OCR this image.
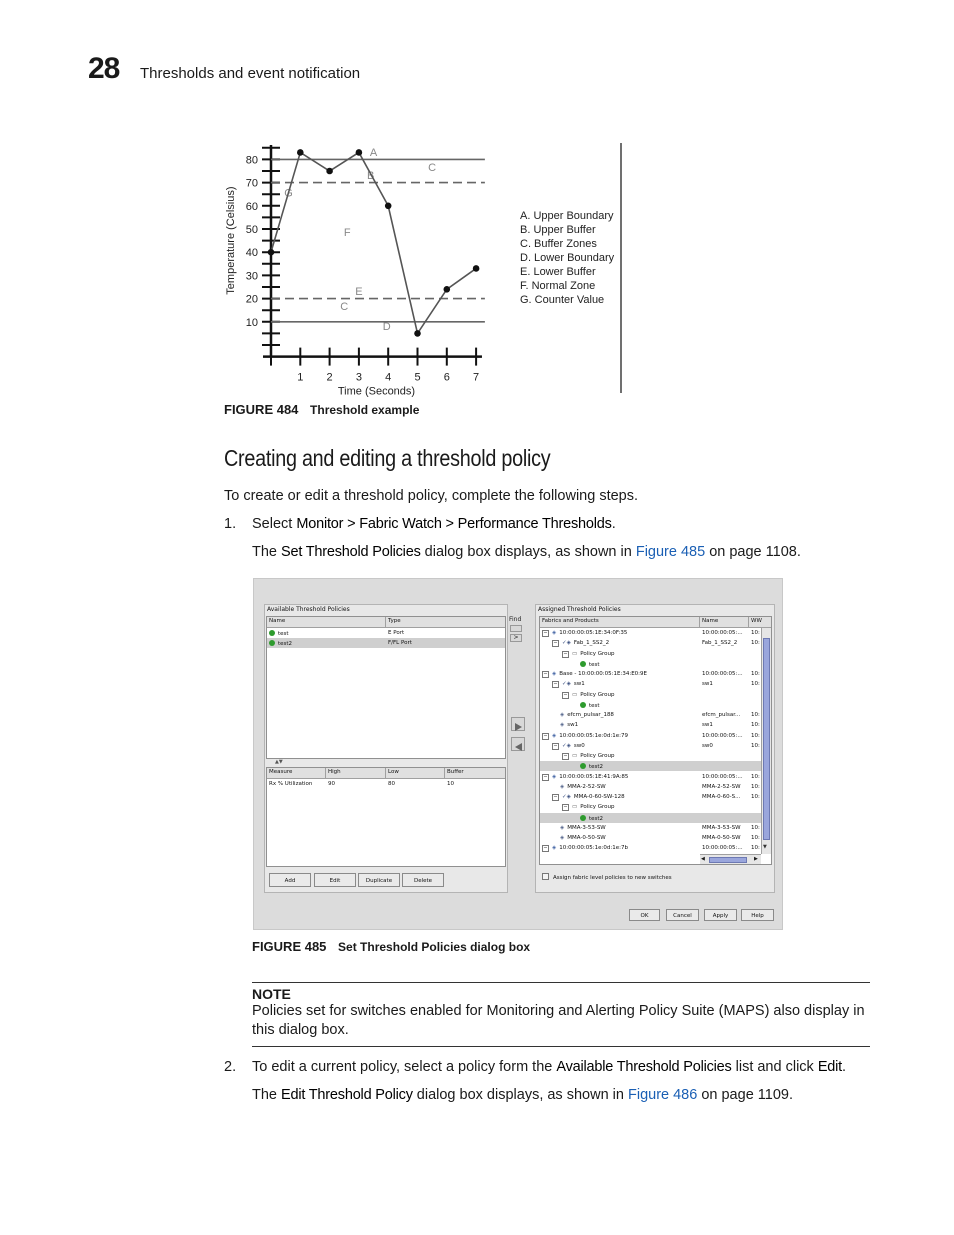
28 Thresholds and event notification
10
20
30
40
50
60
70
80
1 2 3 4 5 6 7
Time (Seconds)
Temperature (Celsius)
A
B
E
D
C
G
F
C
A. Upper Boundary
B. Upper Buffer
C. Buffer Zones
D. Lower Boundary
E. Lower Buffer
F. Normal Zone
G. Counter Value
FIGURE 484 Threshold example
Creating and editing a threshold policy
To create or edit a threshold policy, complete the following steps.
1. Select Monitor > Fabric Watch > Performance Thresholds.
The Set Threshold Policies dialog box displays, as shown in Figure 485 on page 1108.
Available Threshold Policies
Name	Type
test	E Port
test2	F/FL Port
▲▼
Measure	High	Low	Buffer
Rx % Utilization	90	80	10
Add	Edit	Duplicate	Delete
Find
>
Assigned Threshold Policies
Fabrics and Products	Name	WW
− ◈ 10:00:00:05:1E:34:0F:35	10:00:00:05:... 10:
− ✓◈ Fab_1_SS2_2	Fab_1_SS2_2 10:
− ▭ Policy Group
test
− ◈ Base - 10:00:00:05:1E:34:E0:9E	10:00:00:05:... 10:
− ✓◈ sw1	sw1	10:
− ▭ Policy Group
test
◈ efcm_pulsar_188	efcm_pulsar... 10:
◈ sw1	sw1	10:
− ◈ 10:00:00:05:1e:0d:1e:79	10:00:00:05:... 10:
− ✓◈ sw0	sw0	10:
− ▭ Policy Group
test2
− ◈ 10:00:00:05:1E:41:9A:85	10:00:00:05:... 10:
◈ MMA-2-52-SW	MMA-2-52-SW 10:
− ✓◈ MMA-0-60-SW-128	MMA-0-60-S... 10:
− ▭ Policy Group
test2
◈ MMA-3-53-SW	MMA-3-53-SW 10:
◈ MMA-0-50-SW	MMA-0-50-SW 10:
− ◈ 10:00:00:05:1e:0d:1e:7b	10:00:00:05:... 10: ▼
◀	▶
Assign fabric level policies to new switches
OK	Cancel	Apply	Help
FIGURE 485 Set Threshold Policies dialog box
NOTE
Policies set for switches enabled for Monitoring and Alerting Policy Suite (MAPS) also display in this dialog box.
2. To edit a current policy, select a policy form the Available Threshold Policies list and click Edit.
The Edit Threshold Policy dialog box displays, as shown in Figure 486 on page 1109.
